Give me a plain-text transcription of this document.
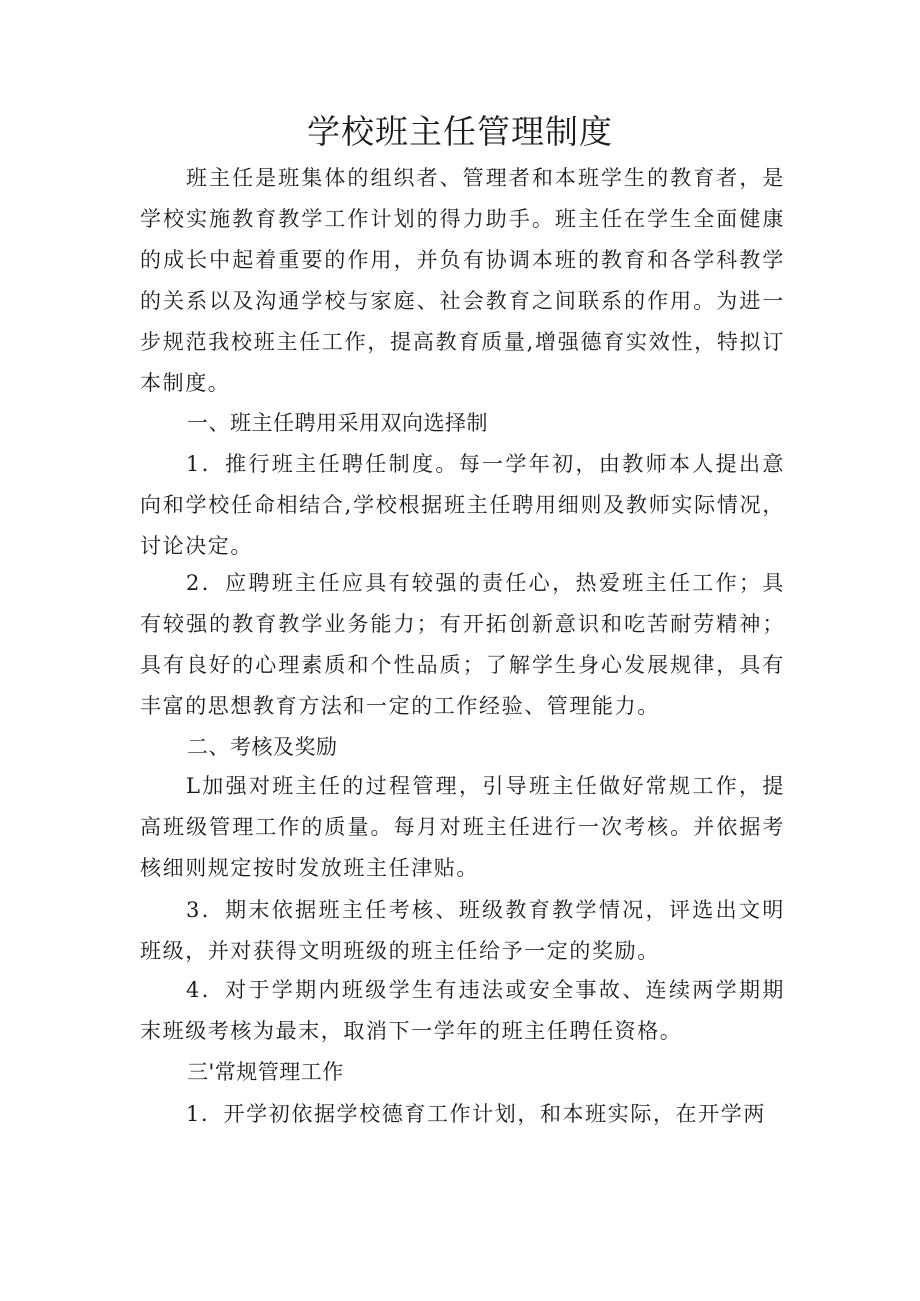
学校班主任管理制度

班主任是班集体的组织者、管理者和本班学生的教育者，是学校实施教育教学工作计划的得力助手。班主任在学生全面健康的成长中起着重要的作用，并负有协调本班的教育和各学科教学的关系以及沟通学校与家庭、社会教育之间联系的作用。为进一步规范我校班主任工作，提高教育质量,增强德育实效性，特拟订本制度。

一、班主任聘用采用双向选择制

1．推行班主任聘任制度。每一学年初，由教师本人提出意向和学校任命相结合,学校根据班主任聘用细则及教师实际情况，讨论决定。

2．应聘班主任应具有较强的责任心，热爱班主任工作；具有较强的教育教学业务能力；有开拓创新意识和吃苦耐劳精神；具有良好的心理素质和个性品质；了解学生身心发展规律，具有丰富的思想教育方法和一定的工作经验、管理能力。

二、考核及奖励

L加强对班主任的过程管理，引导班主任做好常规工作，提高班级管理工作的质量。每月对班主任进行一次考核。并依据考核细则规定按时发放班主任津贴。

3．期末依据班主任考核、班级教育教学情况，评选出文明班级，并对获得文明班级的班主任给予一定的奖励。

4．对于学期内班级学生有违法或安全事故、连续两学期期末班级考核为最末，取消下一学年的班主任聘任资格。

三'常规管理工作

1．开学初依据学校德育工作计划，和本班实际，在开学两
